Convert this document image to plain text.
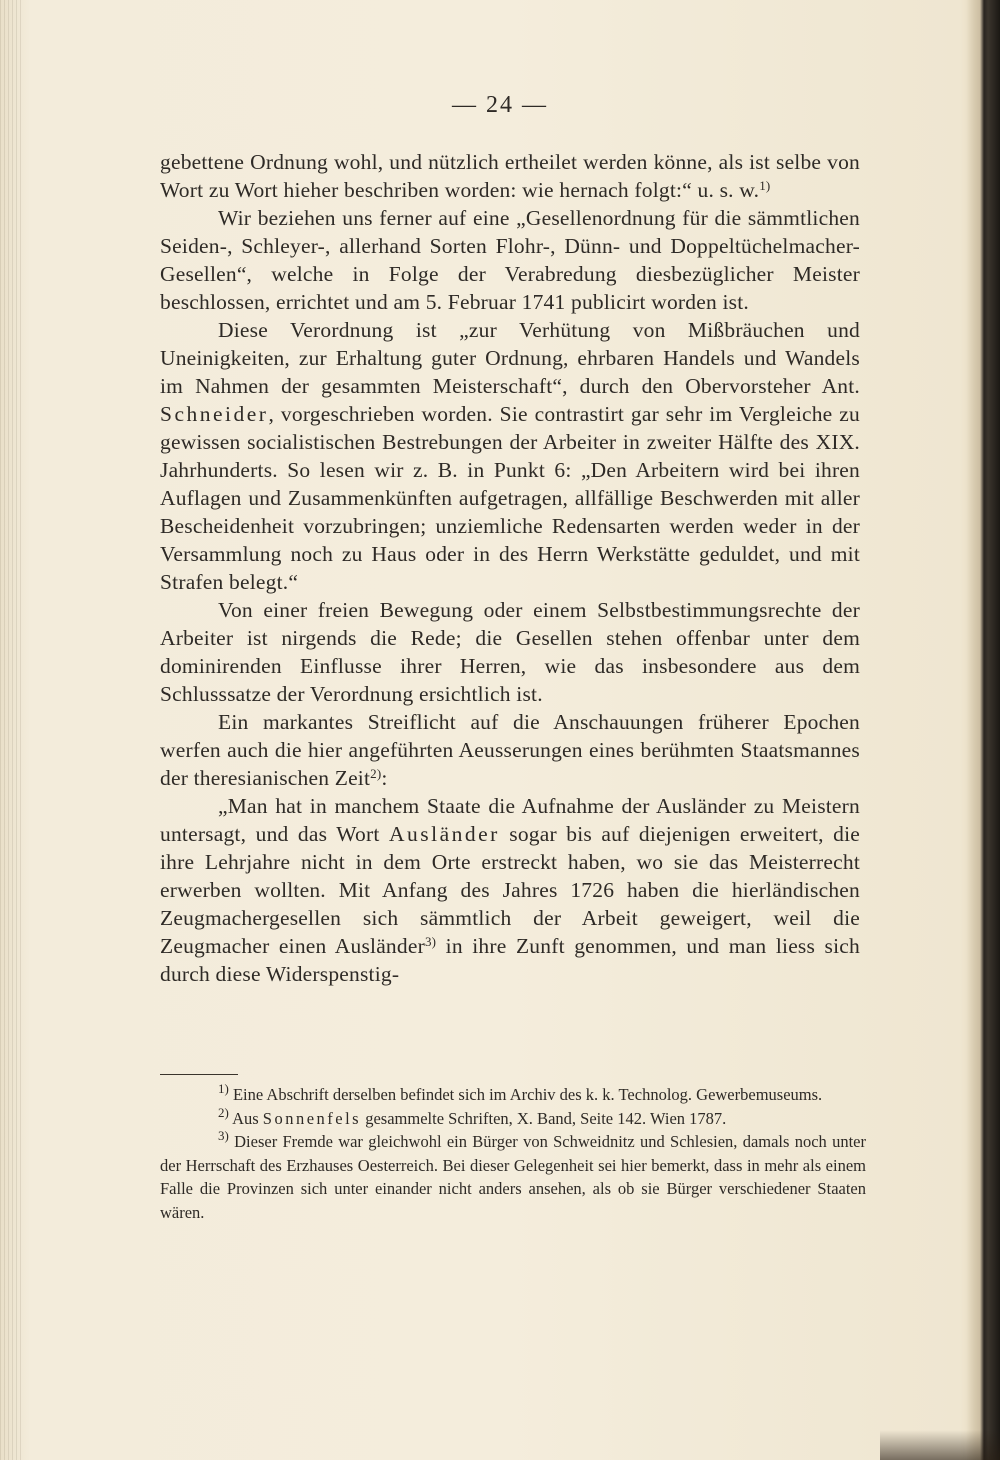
— 24 —

gebettene Ordnung wohl, und nützlich ertheilet werden könne, als ist selbe von Wort zu Wort hieher beschriben worden: wie hernach folgt:“ u. s. w.$^{1)}$

Wir beziehen uns ferner auf eine „Gesellenordnung für die sämmtlichen Seiden-, Schleyer-, allerhand Sorten Flohr-, Dünn- und Doppeltüchelmacher-Gesellen“, welche in Folge der Verabredung diesbezüglicher Meister beschlossen, errichtet und am 5. Februar 1741 publicirt worden ist.

Diese Verordnung ist „zur Verhütung von Mißbräuchen und Uneinigkeiten, zur Erhaltung guter Ordnung, ehrbaren Handels und Wandels im Nahmen der gesammten Meisterschaft“, durch den Obervorsteher Ant. Schneider, vorgeschrieben worden. Sie contrastirt gar sehr im Vergleiche zu gewissen socialistischen Bestrebungen der Arbeiter in zweiter Hälfte des XIX. Jahrhunderts. So lesen wir z. B. in Punkt 6: „Den Arbeitern wird bei ihren Auflagen und Zusammenkünften aufgetragen, allfällige Beschwerden mit aller Bescheidenheit vorzubringen; unziemliche Redensarten werden weder in der Versammlung noch zu Haus oder in des Herrn Werkstätte geduldet, und mit Strafen belegt.“

Von einer freien Bewegung oder einem Selbstbestimmungsrechte der Arbeiter ist nirgends die Rede; die Gesellen stehen offenbar unter dem dominirenden Einflusse ihrer Herren, wie das insbesondere aus dem Schlusssatze der Verordnung ersichtlich ist.

Ein markantes Streiflicht auf die Anschauungen früherer Epochen werfen auch die hier angeführten Aeusserungen eines berühmten Staatsmannes der theresianischen Zeit$^{2)}$:

„Man hat in manchem Staate die Aufnahme der Ausländer zu Meistern untersagt, und das Wort Ausländer sogar bis auf diejenigen erweitert, die ihre Lehrjahre nicht in dem Orte erstreckt haben, wo sie das Meisterrecht erwerben wollten. Mit Anfang des Jahres 1726 haben die hierländischen Zeugmachergesellen sich sämmtlich der Arbeit geweigert, weil die Zeugmacher einen Ausländer$^{3)}$ in ihre Zunft genommen, und man liess sich durch diese Widerspenstig-

$^{1)}$ Eine Abschrift derselben befindet sich im Archiv des k. k. Technolog. Gewerbemuseums.

$^{2)}$ Aus Sonnenfels gesammelte Schriften, X. Band, Seite 142. Wien 1787.

$^{3)}$ Dieser Fremde war gleichwohl ein Bürger von Schweidnitz und Schlesien, damals noch unter der Herrschaft des Erzhauses Oesterreich. Bei dieser Gelegenheit sei hier bemerkt, dass in mehr als einem Falle die Provinzen sich unter einander nicht anders ansehen, als ob sie Bürger verschiedener Staaten wären.
